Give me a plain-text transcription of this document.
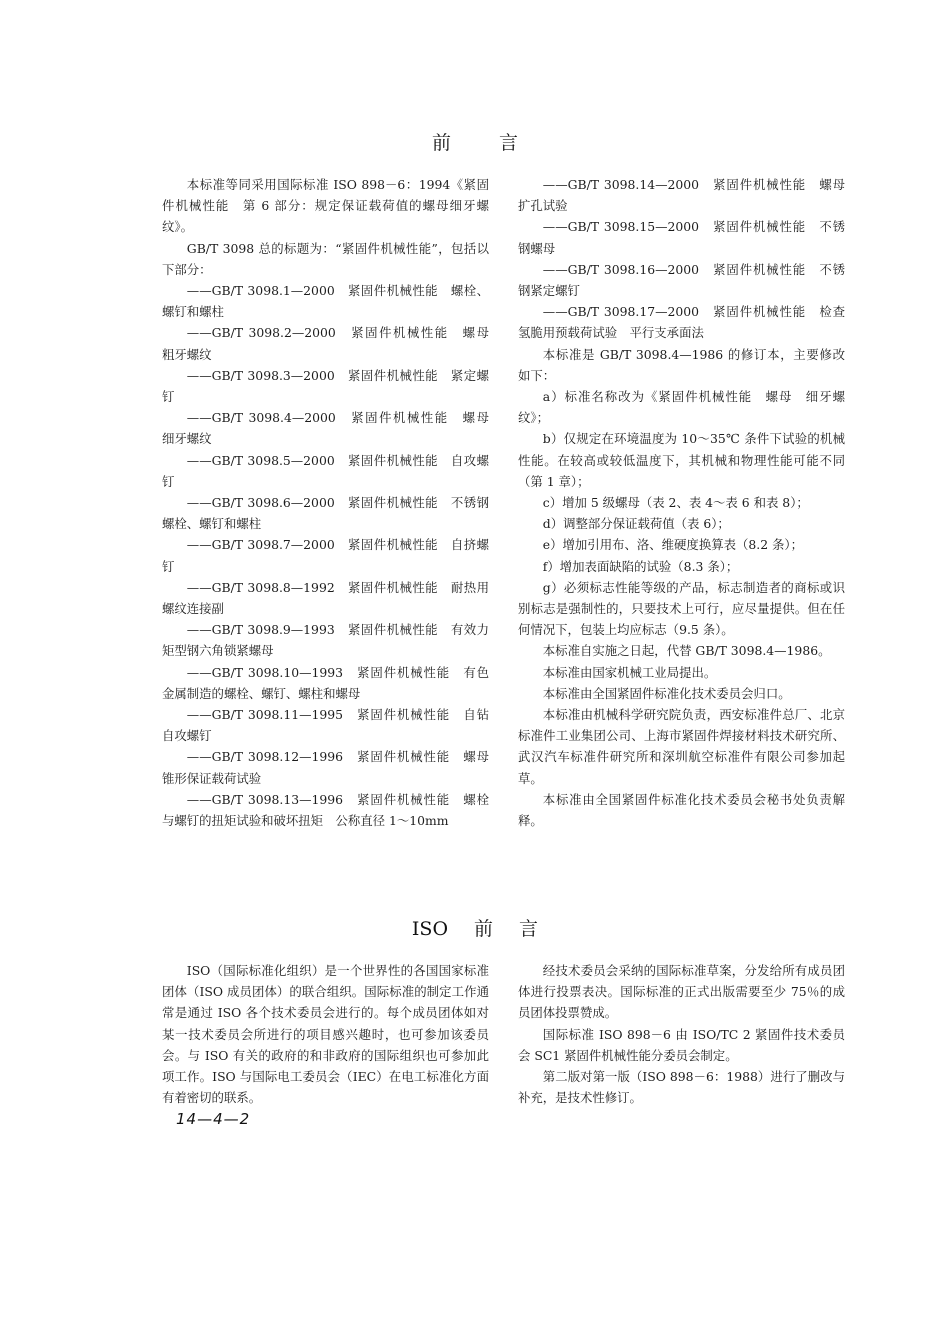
前	言

本标准等同采用国际标准 ISO 898－6：1994《紧固件机械性能　第 6 部分：规定保证载荷值的螺母细牙螺纹》。

GB/T 3098 总的标题为：“紧固件机械性能”，包括以下部分：

——GB/T 3098.1—2000　紧固件机械性能　螺栓、螺钉和螺柱

——GB/T 3098.2—2000　紧固件机械性能　螺母　粗牙螺纹

——GB/T 3098.3—2000　紧固件机械性能　紧定螺钉

——GB/T 3098.4—2000　紧固件机械性能　螺母　细牙螺纹

——GB/T 3098.5—2000　紧固件机械性能　自攻螺钉

——GB/T 3098.6—2000　紧固件机械性能　不锈钢螺栓、螺钉和螺柱

——GB/T 3098.7—2000　紧固件机械性能　自挤螺钉

——GB/T 3098.8—1992　紧固件机械性能　耐热用螺纹连接副

——GB/T 3098.9—1993　紧固件机械性能　有效力矩型钢六角锁紧螺母

——GB/T 3098.10—1993　紧固件机械性能　有色金属制造的螺栓、螺钉、螺柱和螺母

——GB/T 3098.11—1995　紧固件机械性能　自钻自攻螺钉

——GB/T 3098.12—1996　紧固件机械性能　螺母锥形保证载荷试验

——GB/T 3098.13—1996　紧固件机械性能　螺栓与螺钉的扭矩试验和破坏扭矩　公称直径 1～10mm

——GB/T 3098.14—2000　紧固件机械性能　螺母扩孔试验

——GB/T 3098.15—2000　紧固件机械性能　不锈钢螺母

——GB/T 3098.16—2000　紧固件机械性能　不锈钢紧定螺钉

——GB/T 3098.17—2000　紧固件机械性能　检查氢脆用预载荷试验　平行支承面法

本标准是 GB/T 3098.4—1986 的修订本，主要修改如下：

a）标准名称改为《紧固件机械性能　螺母　细牙螺纹》；

b）仅规定在环境温度为 10～35℃ 条件下试验的机械性能。在较高或较低温度下，其机械和物理性能可能不同（第 1 章）；

c）增加 5 级螺母（表 2、表 4～表 6 和表 8）；

d）调整部分保证载荷值（表 6）；

e）增加引用布、洛、维硬度换算表（8.2 条）；

f）增加表面缺陷的试验（8.3 条）；

g）必须标志性能等级的产品，标志制造者的商标或识别标志是强制性的，只要技术上可行，应尽量提供。但在任何情况下，包装上均应标志（9.5 条）。

本标准自实施之日起，代替 GB/T 3098.4—1986。

本标准由国家机械工业局提出。

本标准由全国紧固件标准化技术委员会归口。

本标准由机械科学研究院负责，西安标准件总厂、北京标准件工业集团公司、上海市紧固件焊接材料技术研究所、武汉汽车标准件研究所和深圳航空标准件有限公司参加起草。

本标准由全国紧固件标准化技术委员会秘书处负责解释。

ISO 前 言

ISO（国际标准化组织）是一个世界性的各国国家标准团体（ISO 成员团体）的联合组织。国际标准的制定工作通常是通过 ISO 各个技术委员会进行的。每个成员团体如对某一技术委员会所进行的项目感兴趣时，也可参加该委员会。与 ISO 有关的政府的和非政府的国际组织也可参加此项工作。ISO 与国际电工委员会（IEC）在电工标准化方面有着密切的联系。

经技术委员会采纳的国际标准草案，分发给所有成员团体进行投票表决。国际标准的正式出版需要至少 75％的成员团体投票赞成。

国际标准 ISO 898－6 由 ISO/TC 2 紧固件技术委员会 SC1 紧固件机械性能分委员会制定。

第二版对第一版（ISO 898－6：1988）进行了删改与补充，是技术性修订。

14—4—2
